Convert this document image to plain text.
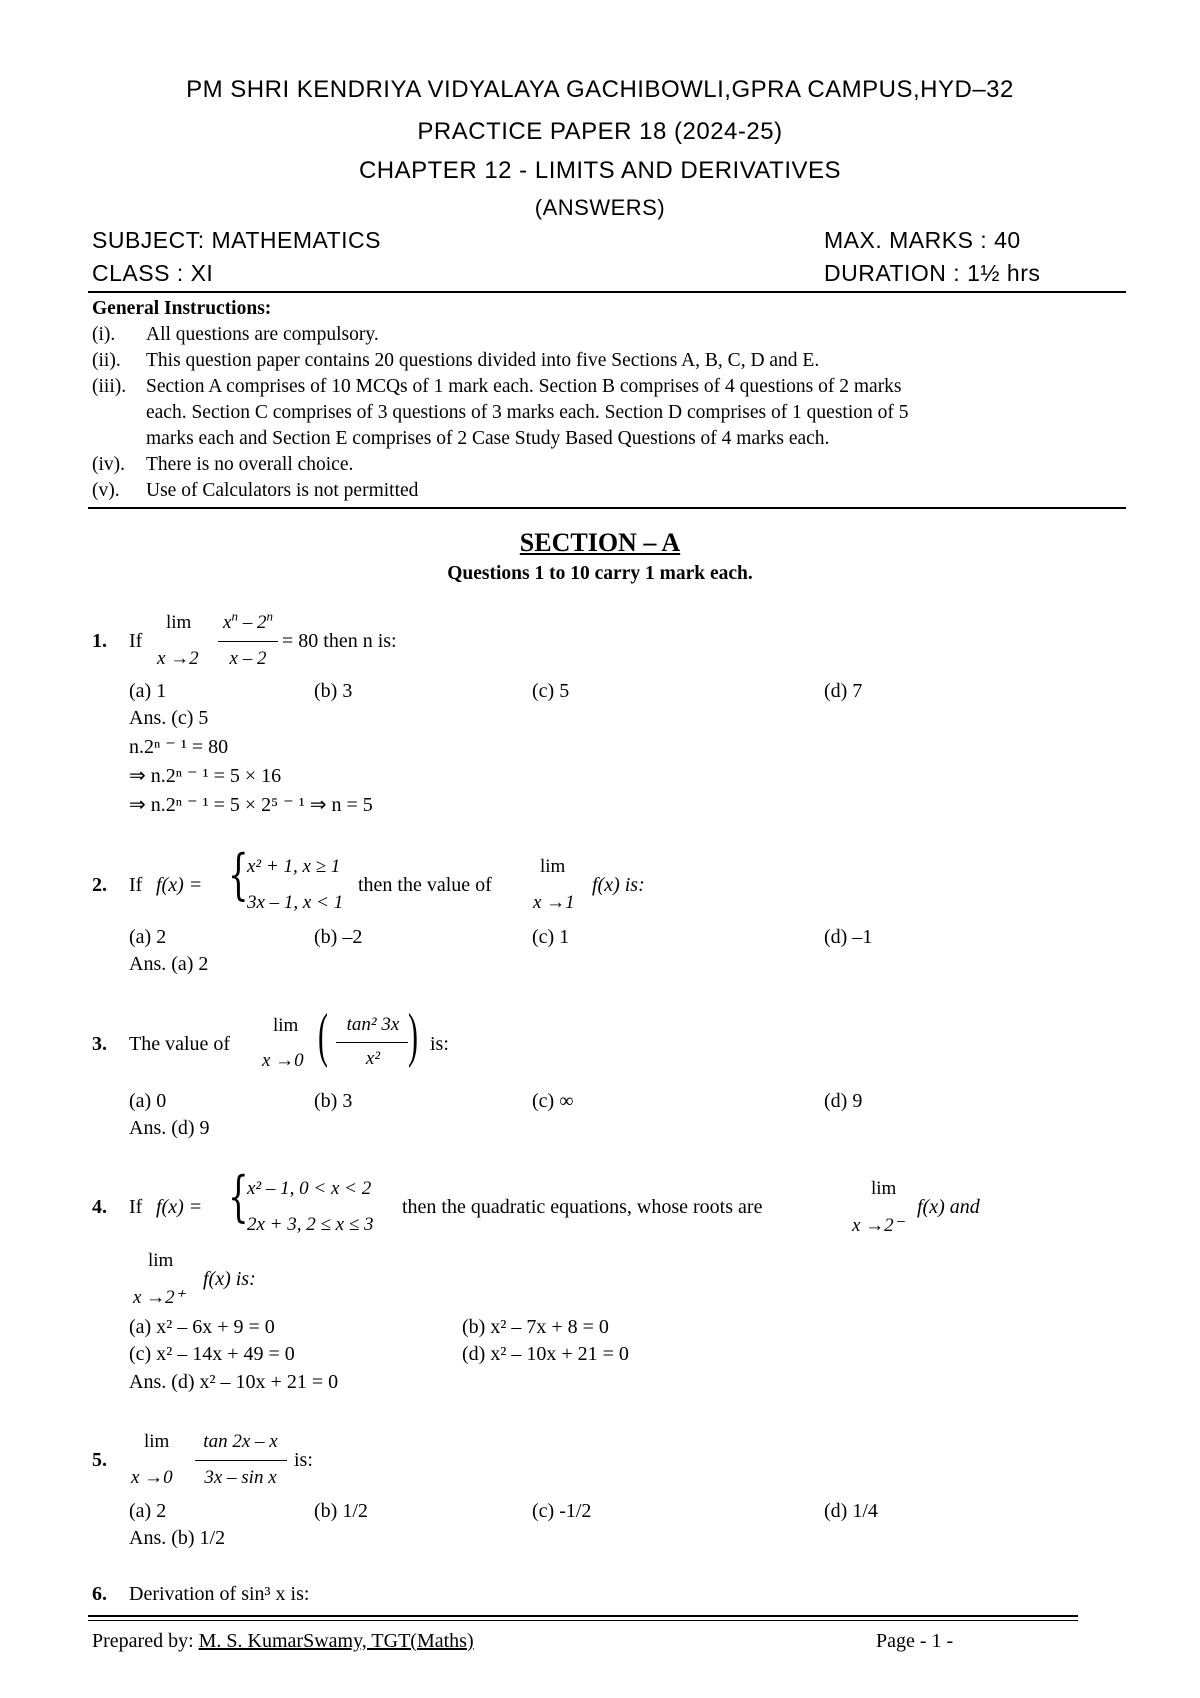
PM SHRI KENDRIYA VIDYALAYA GACHIBOWLI,GPRA CAMPUS,HYD–32
PRACTICE PAPER 18 (2024-25)
CHAPTER 12 - LIMITS AND DERIVATIVES
(ANSWERS)
SUBJECT: MATHEMATICS	MAX. MARKS : 40
CLASS : XI	DURATION : 1½ hrs
General Instructions:
(i). All questions are compulsory.
(ii). This question paper contains 20 questions divided into five Sections A, B, C, D and E.
(iii). Section A comprises of 10 MCQs of 1 mark each. Section B comprises of 4 questions of 2 marks
each. Section C comprises of 3 questions of 3 marks each. Section D comprises of 1 question of 5
marks each and Section E comprises of 2 Case Study Based Questions of 4 marks each.
(iv). There is no overall choice.
(v). Use of Calculators is not permitted
SECTION – A
Questions 1 to 10 carry 1 mark each.
1. If
lim
x →2
$x^n - 2^n$
x – 2
= 80 then n is:
(a) 1	(b) 3	(c) 5	(d) 7
Ans. (c) 5
n.2ⁿ ⁻ ¹ = 80
⇒ n.2ⁿ ⁻ ¹ = 5 × 16
⇒ n.2ⁿ ⁻ ¹ = 5 × 2⁵ ⁻ ¹ ⇒ n = 5
2. If f(x) = {
x² + 1, x ≥ 1
3x – 1, x < 1
then the value of
lim
x →1
f(x) is:
(a) 2	(b) –2	(c) 1	(d) –1
Ans. (a) 2
3. The value of
lim
x →0 ( tan² 3x
x² ) is:
(a) 0	(b) 3	(c) ∞	(d) 9
Ans. (d) 9
4. If f(x) = {
x² – 1, 0 < x < 2
2x + 3, 2 ≤ x ≤ 3
then the quadratic equations, whose roots are
lim
x →2⁻
f(x) and
lim
x →2⁺
f(x) is:
(a) x² – 6x + 9 = 0	(b) x² – 7x + 8 = 0
(c) x² – 14x + 49 = 0	(d) x² – 10x + 21 = 0
Ans. (d) x² – 10x + 21 = 0
5.
lim
x →0
tan 2x – x
3x – sin x
is:
(a) 2	(b) 1/2	(c) -1/2	(d) 1/4
Ans. (b) 1/2
6. Derivation of sin³ x is:
Prepared by: M. S. KumarSwamy, TGT(Maths)	Page - 1 -
